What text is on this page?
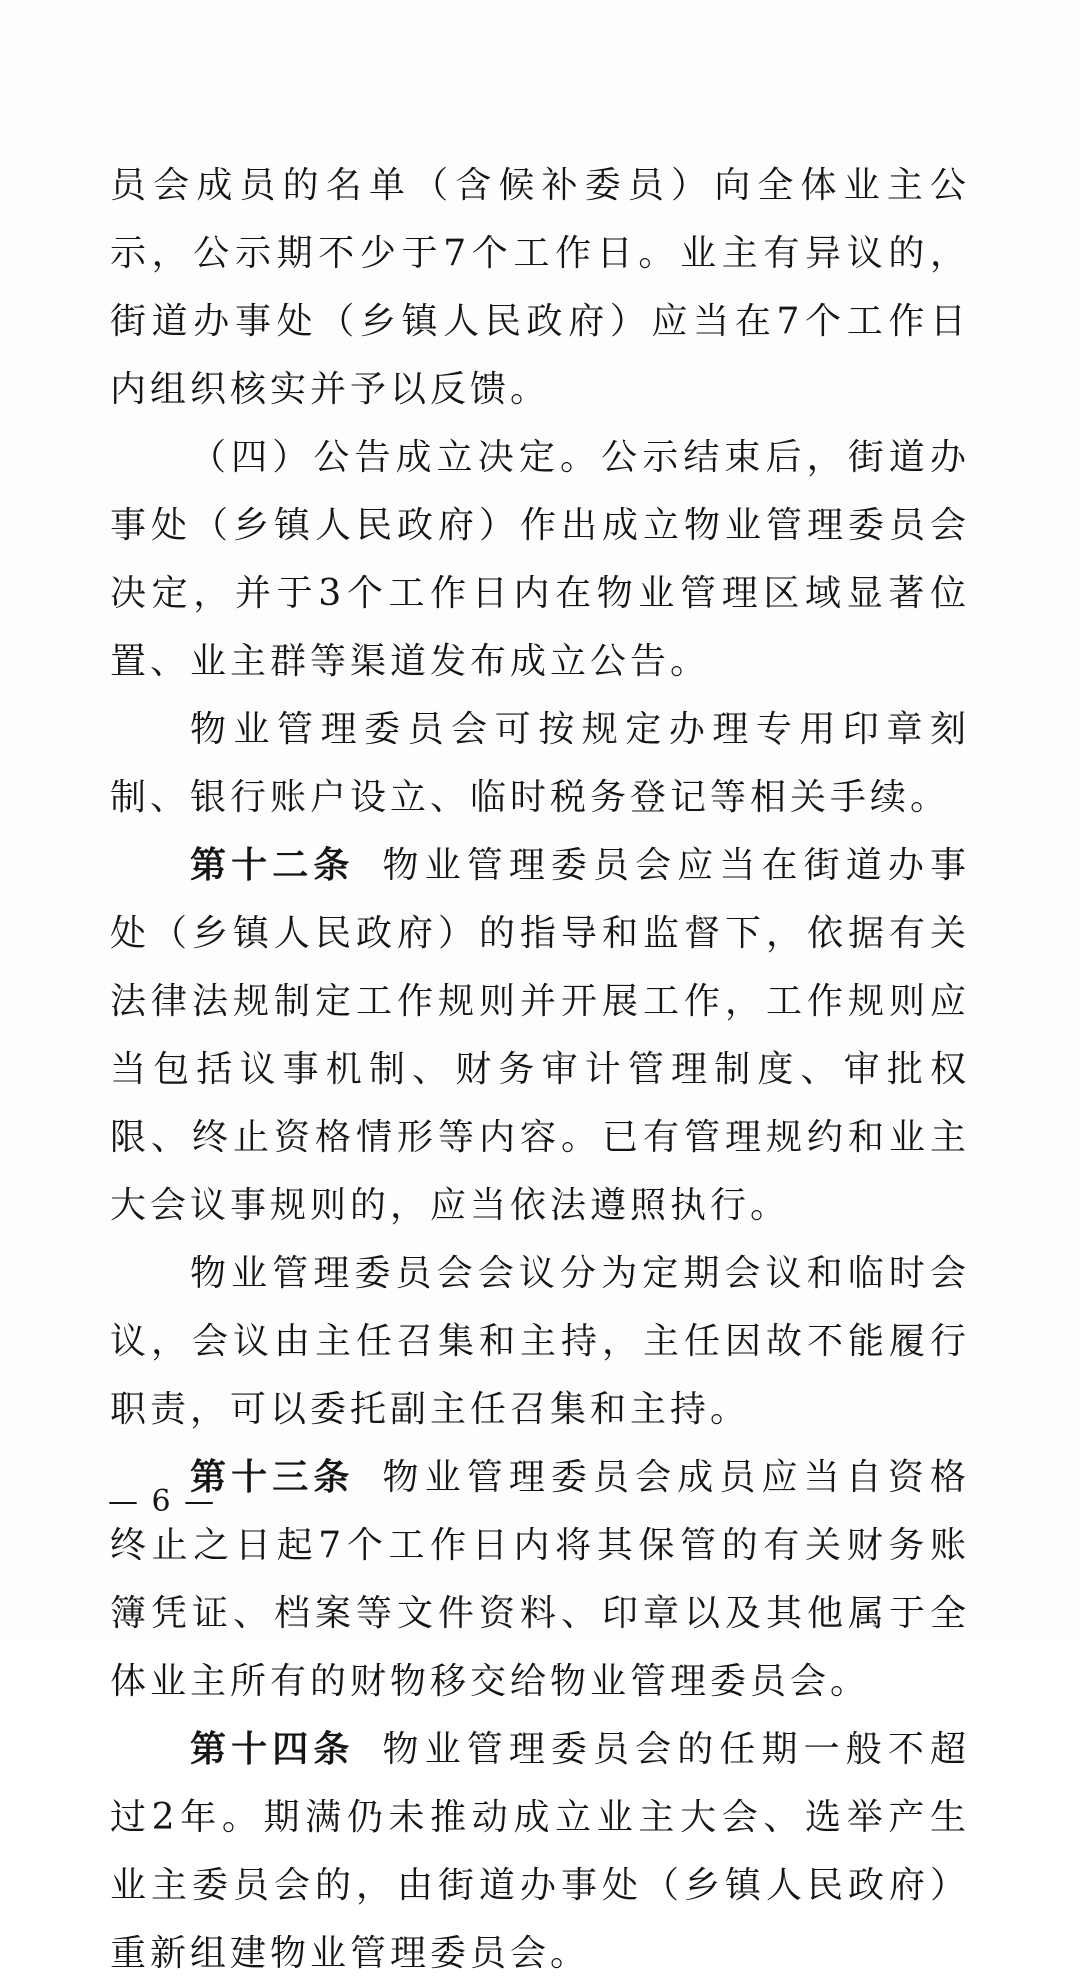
员会成员的名单（含候补委员）向全体业主公示，公示期不少于7个工作日。业主有异议的，街道办事处（乡镇人民政府）应当在7个工作日内组织核实并予以反馈。

（四）公告成立决定。公示结束后，街道办事处（乡镇人民政府）作出成立物业管理委员会决定，并于3个工作日内在物业管理区域显著位置、业主群等渠道发布成立公告。

物业管理委员会可按规定办理专用印章刻制、银行账户设立、临时税务登记等相关手续。

第十二条 物业管理委员会应当在街道办事处（乡镇人民政府）的指导和监督下，依据有关法律法规制定工作规则并开展工作，工作规则应当包括议事机制、财务审计管理制度、审批权限、终止资格情形等内容。已有管理规约和业主大会议事规则的，应当依法遵照执行。

物业管理委员会会议分为定期会议和临时会议，会议由主任召集和主持，主任因故不能履行职责，可以委托副主任召集和主持。

第十三条 物业管理委员会成员应当自资格终止之日起7个工作日内将其保管的有关财务账簿凭证、档案等文件资料、印章以及其他属于全体业主所有的财物移交给物业管理委员会。

第十四条 物业管理委员会的任期一般不超过2年。期满仍未推动成立业主大会、选举产生业主委员会的，由街道办事处（乡镇人民政府）重新组建物业管理委员会。

— 6 —
